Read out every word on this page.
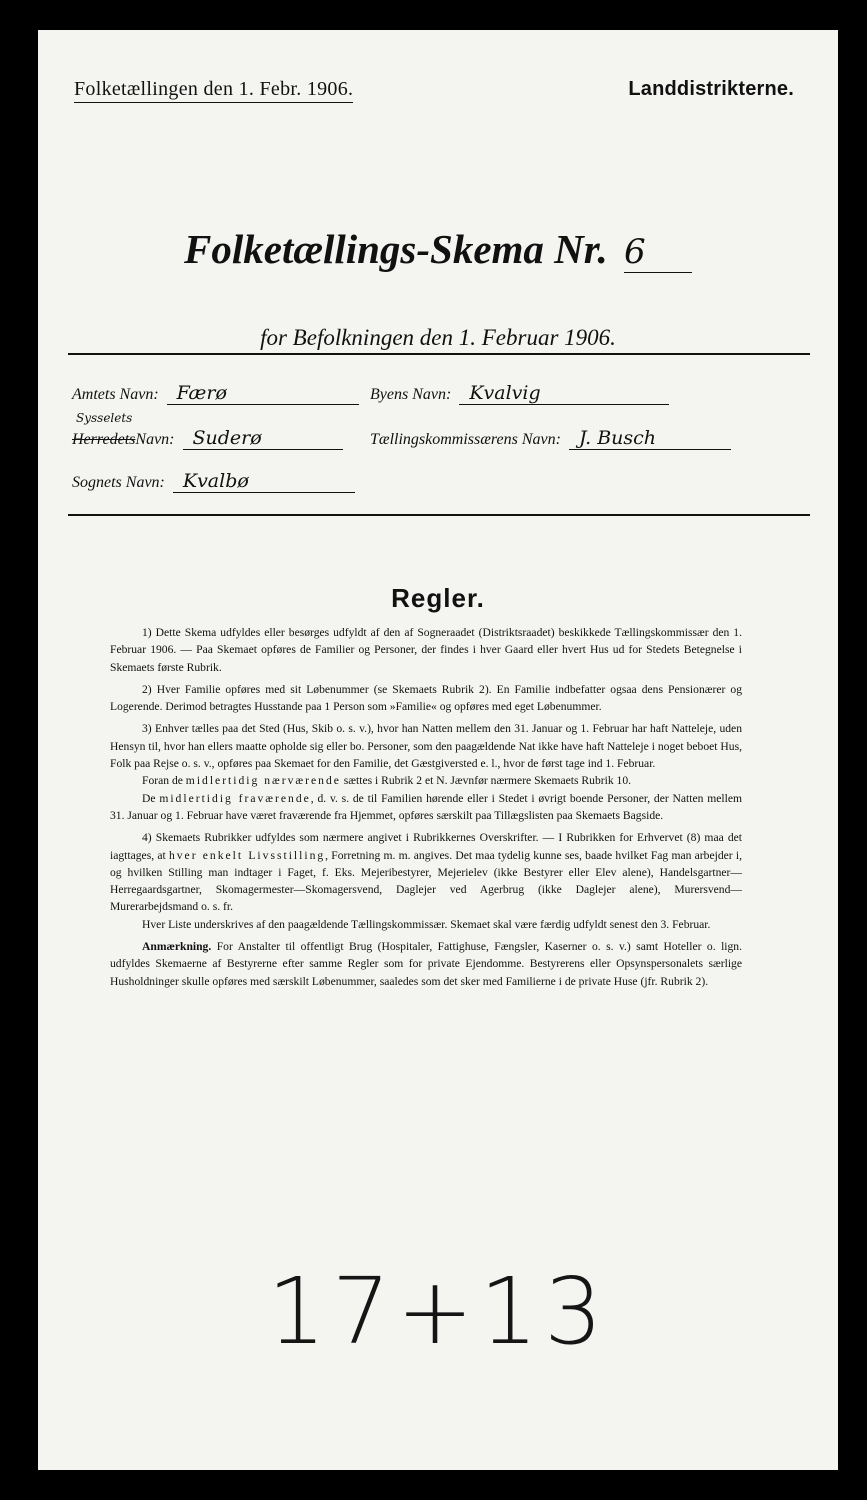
Folketællingen den 1. Febr. 1906.	Landdistrikterne.
Folketællings-Skema Nr. 6
for Befolkningen den 1. Februar 1906.
Amtets Navn: Færø	Byens Navn: Kvalvig
Sysselets
HerredetsNavn: Suderø	Tællingskommissærens Navn: J. Busch
Sognets Navn: Kvalbø
Regler.

1) Dette Skema udfyldes eller besørges udfyldt af den af Sogneraadet (Distriktsraadet) beskikkede Tællingskommissær den 1. Februar 1906. — Paa Skemaet opføres de Familier og Personer, der findes i hver Gaard eller hvert Hus ud for Stedets Betegnelse i Skemaets første Rubrik.

2) Hver Familie opføres med sit Løbenummer (se Skemaets Rubrik 2). En Familie indbefatter ogsaa dens Pensionærer og Logerende. Derimod betragtes Husstande paa 1 Person som »Familie« og opføres med eget Løbenummer.

3) Enhver tælles paa det Sted (Hus, Skib o. s. v.), hvor han Natten mellem den 31. Januar og 1. Februar har haft Natteleje, uden Hensyn til, hvor han ellers maatte opholde sig eller bo. Personer, som den paagældende Nat ikke have haft Natteleje i noget beboet Hus, Folk paa Rejse o. s. v., opføres paa Skemaet for den Familie, det Gæstgiversted e. l., hvor de først tage ind 1. Februar.

Foran de midlertidig nærværende sættes i Rubrik 2 et N. Jævnfør nærmere Skemaets Rubrik 10.

De midlertidig fraværende, d. v. s. de til Familien hørende eller i Stedet i øvrigt boende Personer, der Natten mellem 31. Januar og 1. Februar have været fraværende fra Hjemmet, opføres særskilt paa Tillægslisten paa Skemaets Bagside.

4) Skemaets Rubrikker udfyldes som nærmere angivet i Rubrikkernes Overskrifter. — I Rubrikken for Erhvervet (8) maa det iagttages, at hver enkelt Livsstilling, Forretning m. m. angives. Det maa tydelig kunne ses, baade hvilket Fag man arbejder i, og hvilken Stilling man indtager i Faget, f. Eks. Mejeribestyrer, Mejerielev (ikke Bestyrer eller Elev alene), Handelsgartner—Herregaardsgartner, Skomagermester—Skomagersvend, Daglejer ved Agerbrug (ikke Daglejer alene), Murersvend—Murerarbejdsmand o. s. fr.

Hver Liste underskrives af den paagældende Tællingskommissær. Skemaet skal være færdig udfyldt senest den 3. Februar.

Anmærkning. For Anstalter til offentligt Brug (Hospitaler, Fattighuse, Fængsler, Kaserner o. s. v.) samt Hoteller o. lign. udfyldes Skemaerne af Bestyrerne efter samme Regler som for private Ejendomme. Bestyrerens eller Opsynspersonalets særlige Husholdninger skulle opføres med særskilt Løbenummer, saaledes som det sker med Familierne i de private Huse (jfr. Rubrik 2).

17+13
